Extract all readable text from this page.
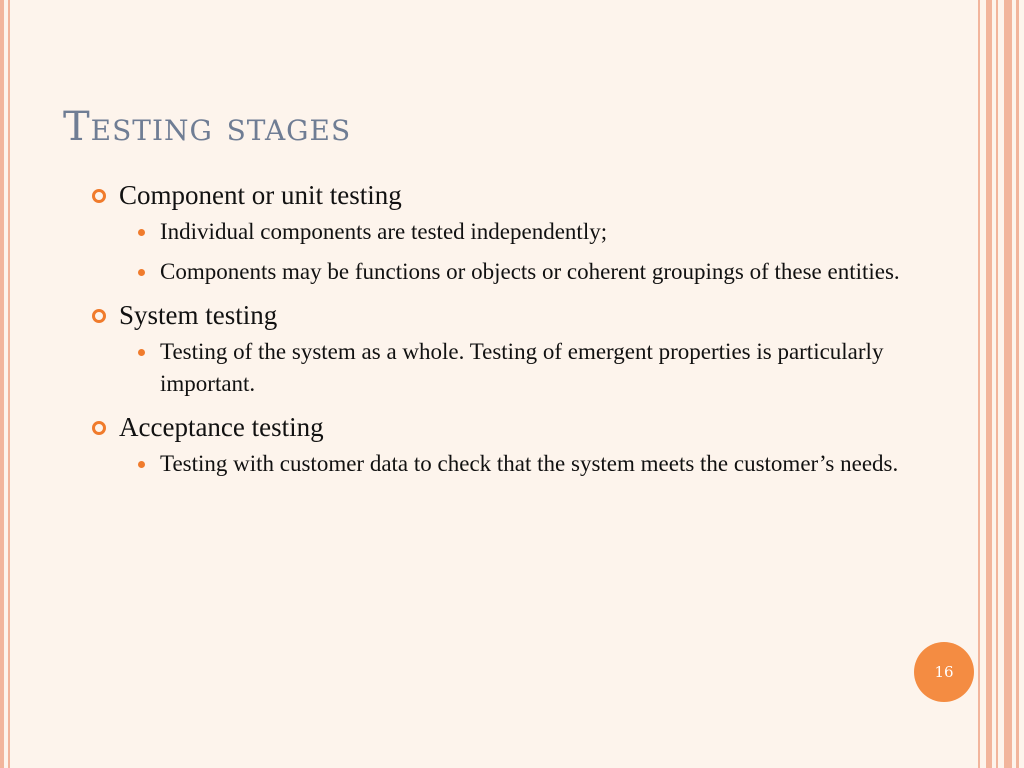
Testing stages
Component or unit testing
Individual components are tested independently;
Components may be functions or objects or coherent groupings of these entities.
System testing
Testing of the system as a whole. Testing of emergent properties is particularly important.
Acceptance testing
Testing with customer data to check that the system meets the customer’s needs.
16
